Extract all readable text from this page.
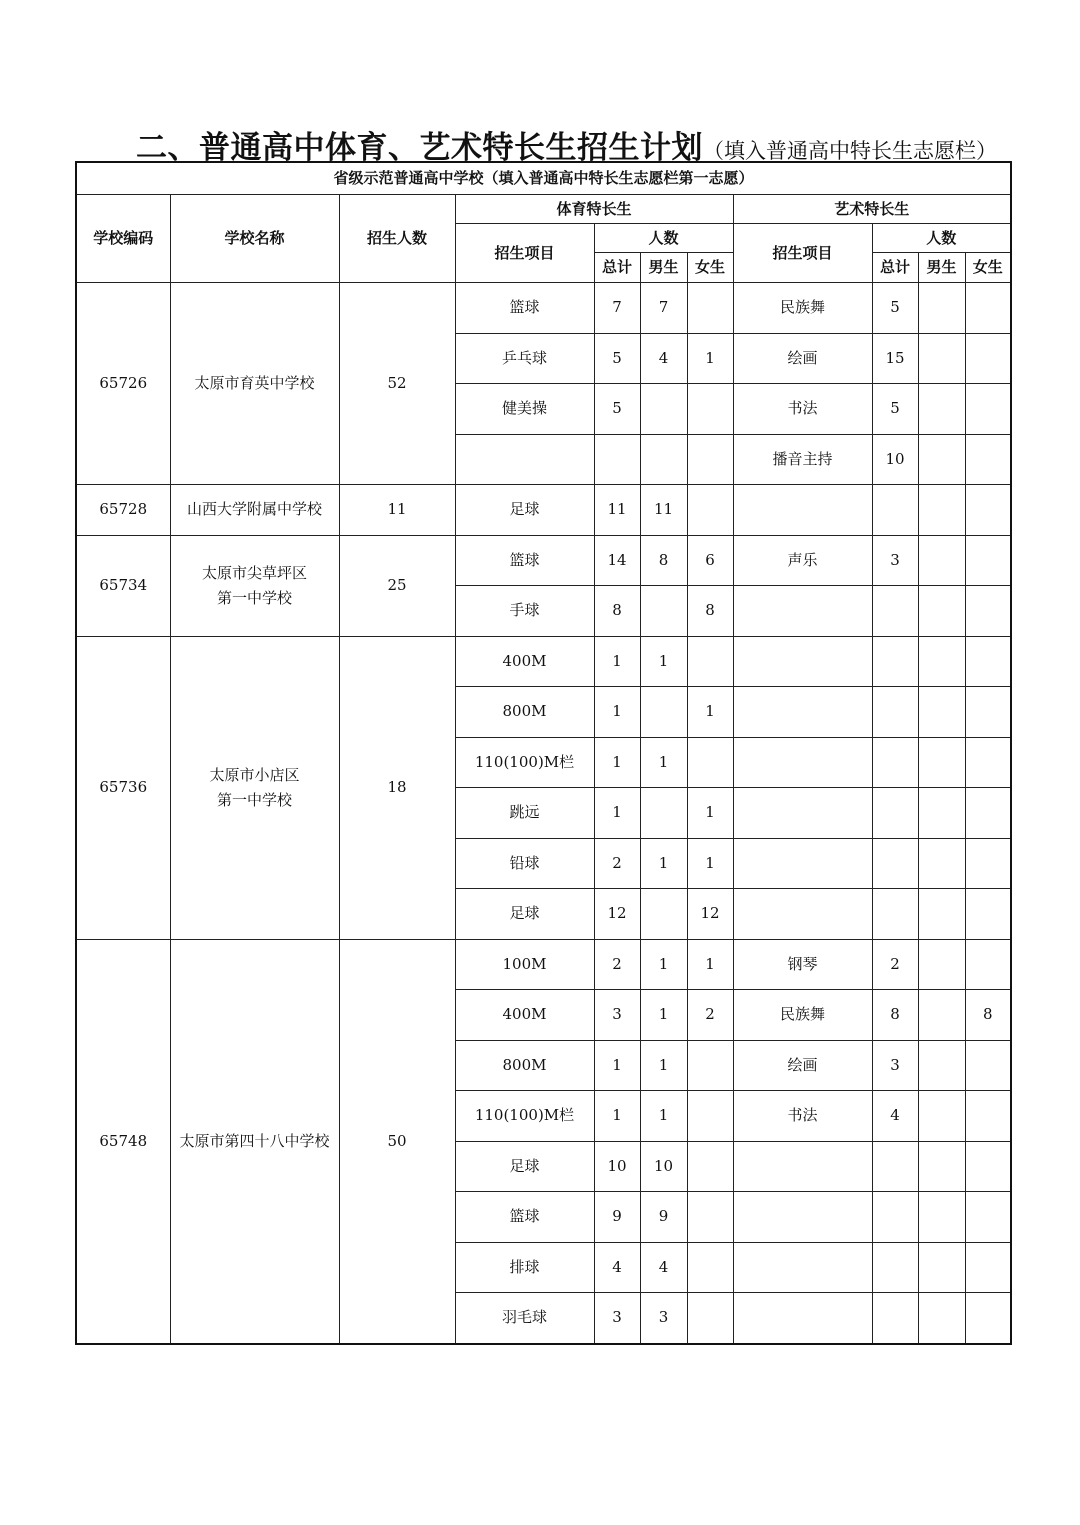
二、普通高中体育、艺术特长生招生计划（填入普通高中特长生志愿栏）
省级示范普通高中学校（填入普通高中特长生志愿栏第一志愿）										
学校编码	学校名称	招生人数	体育特长生				艺术特长生			
			招生项目	人数			招生项目	人数		
				总计	男生	女生		总计	男生	女生
65726	太原市育英中学校	52	篮球	7	7		民族舞	5		
			乒乓球	5	4	1	绘画	15		
			健美操	5			书法	5		
							播音主持	10		
65728	山西大学附属中学校	11	足球	11	11					
65734	太原市尖草坪区
第一中学校	25	篮球	14	8	6	声乐	3		
			手球	8		8				
65736	太原市小店区
第一中学校	18	400M	1	1					
			800M	1		1				
			110(100)M栏	1	1					
			跳远	1		1				
			铅球	2	1	1				
			足球	12		12				
65748	太原市第四十八中学校	50	100M	2	1	1	钢琴	2		
			400M	3	1	2	民族舞	8		8
			800M	1	1		绘画	3		
			110(100)M栏	1	1		书法	4		
			足球	10	10					
			篮球	9	9					
			排球	4	4					
			羽毛球	3	3					
